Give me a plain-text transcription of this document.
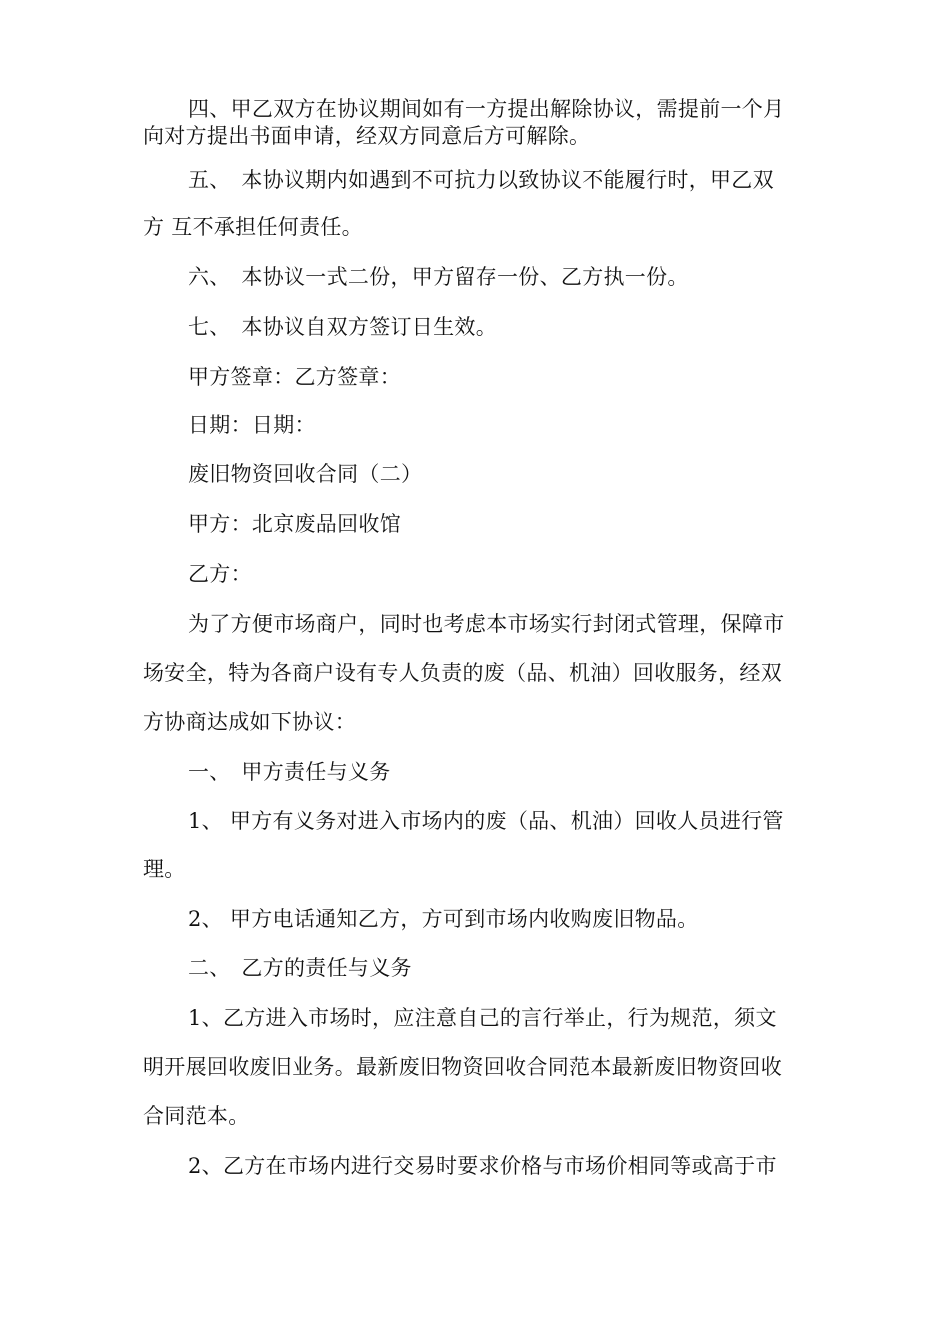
四、甲乙双方在协议期间如有一方提出解除协议，需提前一个月
向对方提出书面申请，经双方同意后方可解除。
五、　本协议期内如遇到不可抗力以致协议不能履行时，甲乙双
方 互不承担任何责任。
六、　本协议一式二份，甲方留存一份、乙方执一份。
七、　本协议自双方签订日生效。
甲方签章：乙方签章：
日期：日期：
废旧物资回收合同（二）
甲方：北京废品回收馆
乙方：
为了方便市场商户，同时也考虑本市场实行封闭式管理，保障市
场安全，特为各商户设有专人负责的废（品、机油）回收服务，经双
方协商达成如下协议：
一、　甲方责任与义务
1、 甲方有义务对进入市场内的废（品、机油）回收人员进行管
理。
2、 甲方电话通知乙方，方可到市场内收购废旧物品。
二、　乙方的责任与义务
1、乙方进入市场时，应注意自己的言行举止，行为规范，须文
明开展回收废旧业务。最新废旧物资回收合同范本最新废旧物资回收
合同范本。
2、乙方在市场内进行交易时要求价格与市场价相同等或高于市
